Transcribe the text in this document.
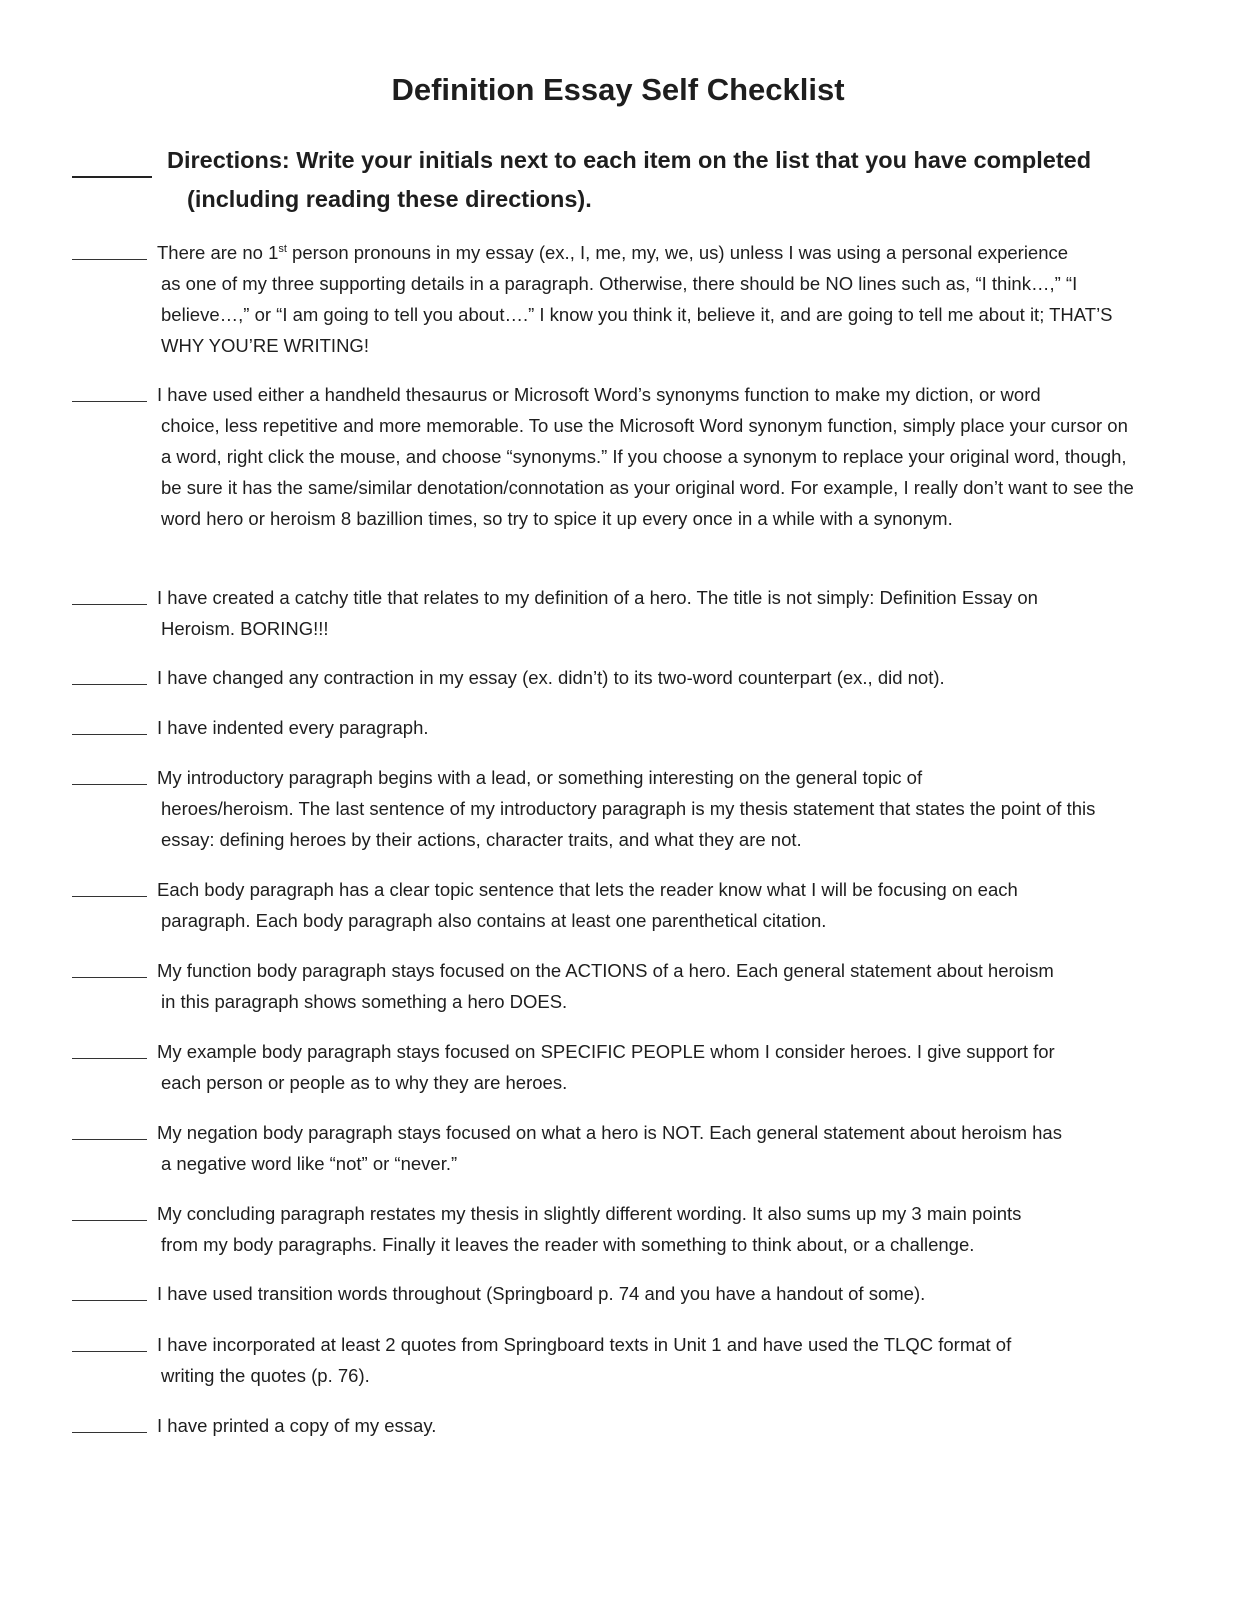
Definition Essay Self Checklist
Directions: Write your initials next to each item on the list that you have completed
(including reading these directions).
There are no 1st person pronouns in my essay (ex., I, me, my, we, us) unless I was using a personal experience
as one of my three supporting details in a paragraph. Otherwise, there should be NO lines such as, “I think…,” “I believe…,” or “I am going to tell you about….” I know you think it, believe it, and are going to tell me about it; THAT’S WHY YOU’RE WRITING!
I have used either a handheld thesaurus or Microsoft Word’s synonyms function to make my diction, or word
choice, less repetitive and more memorable. To use the Microsoft Word synonym function, simply place your cursor on a word, right click the mouse, and choose “synonyms.” If you choose a synonym to replace your original word, though, be sure it has the same/similar denotation/connotation as your original word. For example, I really don’t want to see the word hero or heroism 8 bazillion times, so try to spice it up every once in a while with a synonym.
I have created a catchy title that relates to my definition of a hero. The title is not simply: Definition Essay on
Heroism. BORING!!!
I have changed any contraction in my essay (ex. didn’t) to its two-word counterpart (ex., did not).
I have indented every paragraph.
My introductory paragraph begins with a lead, or something interesting on the general topic of
heroes/heroism. The last sentence of my introductory paragraph is my thesis statement that states the point of this essay: defining heroes by their actions, character traits, and what they are not.
Each body paragraph has a clear topic sentence that lets the reader know what I will be focusing on each
paragraph. Each body paragraph also contains at least one parenthetical citation.
My function body paragraph stays focused on the ACTIONS of a hero. Each general statement about heroism
in this paragraph shows something a hero DOES.
My example body paragraph stays focused on SPECIFIC PEOPLE whom I consider heroes. I give support for
each person or people as to why they are heroes.
My negation body paragraph stays focused on what a hero is NOT. Each general statement about heroism has
a negative word like “not” or “never.”
My concluding paragraph restates my thesis in slightly different wording. It also sums up my 3 main points
from my body paragraphs. Finally it leaves the reader with something to think about, or a challenge.
I have used transition words throughout (Springboard p. 74 and you have a handout of some).
I have incorporated at least 2 quotes from Springboard texts in Unit 1 and have used the TLQC format of
writing the quotes (p. 76).
I have printed a copy of my essay.
